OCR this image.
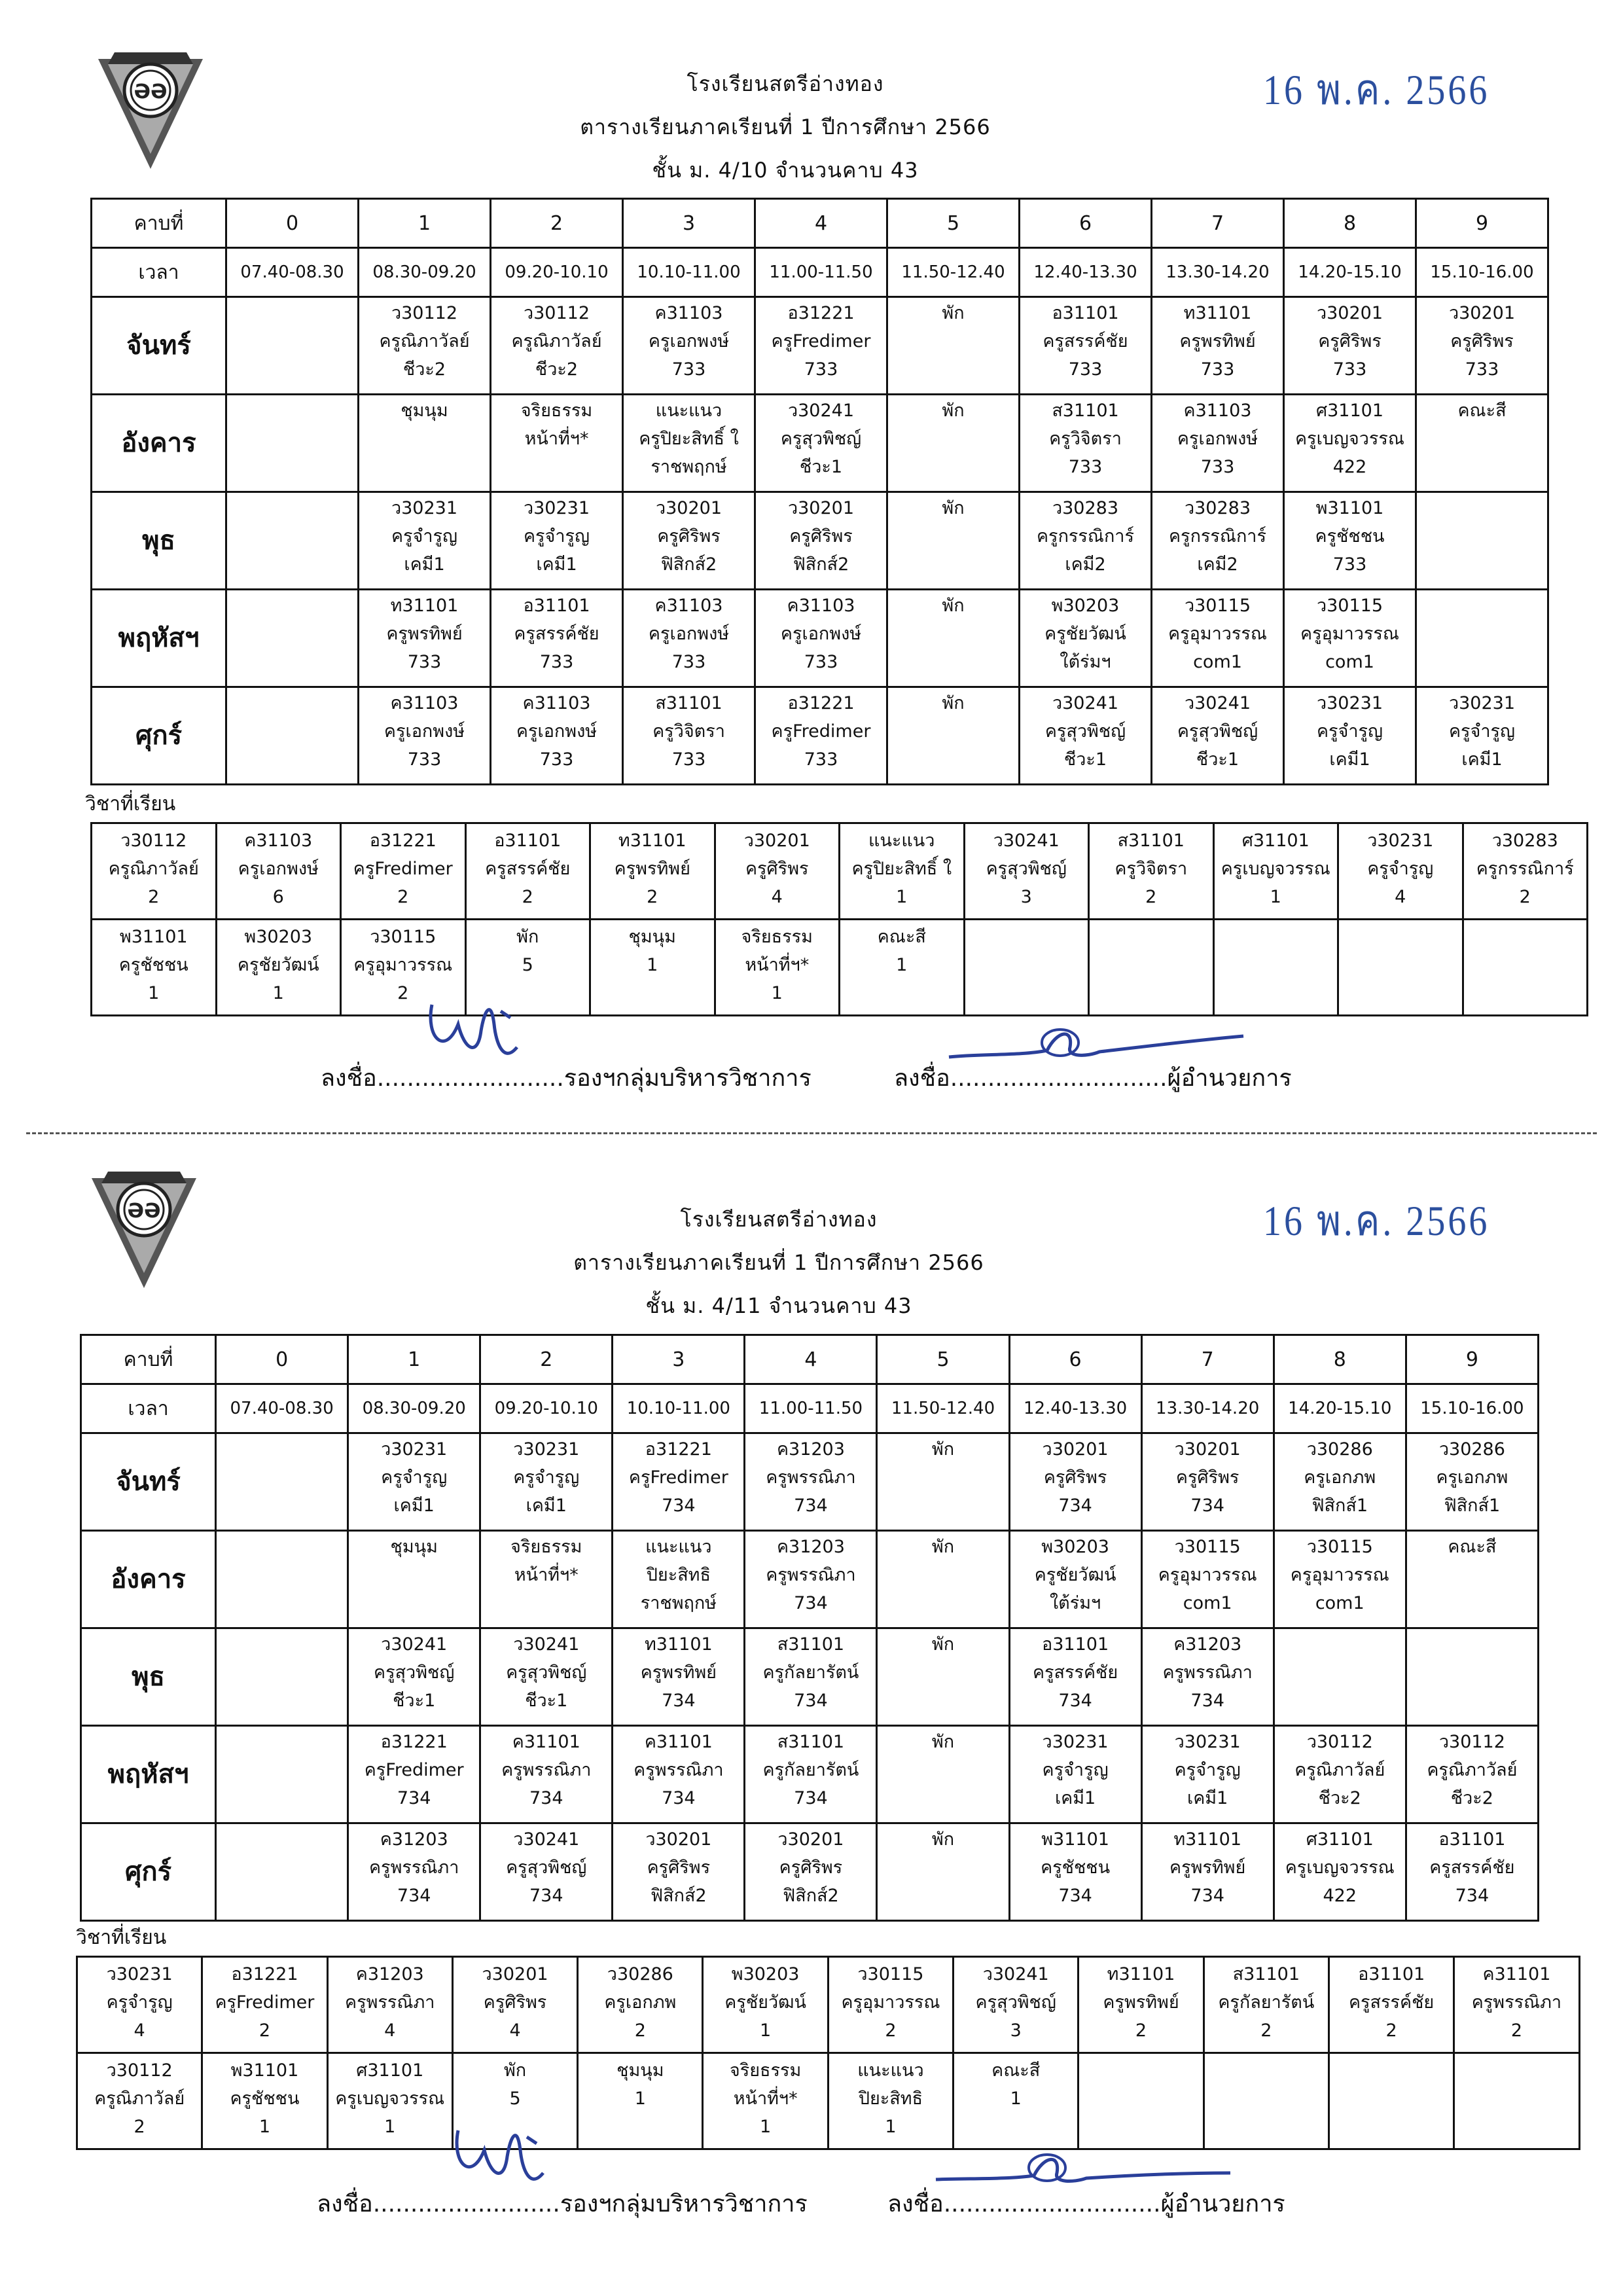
ƏƏ	โรงเรียนสตรีอ่างทอง
ตารางเรียนภาคเรียนที่ 1 ปีการศึกษา 2566
ชั้น ม. 4/10 จำนวนคาบ 43
16 พ.ค. 2566
คาบที่	0	1	2	3	4	5	6	7	8	9
เวลา	07.40-08.30	08.30-09.20	09.20-10.10	10.10-11.00	11.00-11.50	11.50-12.40	12.40-13.30	13.30-14.20	14.20-15.10	15.10-16.00
จันทร์		ว30112
ครูณิภาวัลย์
ชีวะ2	ว30112
ครูณิภาวัลย์
ชีวะ2	ค31103
ครูเอกพงษ์
733	อ31221
ครูFredimer
733	พัก	อ31101
ครูสรรค์ชัย
733	ท31101
ครูพรทิพย์
733	ว30201
ครูศิริพร
733	ว30201
ครูศิริพร
733

อังคาร		ชุมนุม	จริยธรรม
หน้าที่ฯ*	แนะแนว
ครูปิยะสิทธิ์ ใ
ราชพฤกษ์	ว30241
ครูสุวพิชญ์
ชีวะ1	พัก	ส31101
ครูวิจิตรา
733	ค31103
ครูเอกพงษ์
733	ศ31101
ครูเบญจวรรณ
422	คณะสี

พุธ		ว30231
ครูจำรูญ
เคมี1	ว30231
ครูจำรูญ
เคมี1	ว30201
ครูศิริพร
ฟิสิกส์2	ว30201
ครูศิริพร
ฟิสิกส์2	พัก	ว30283
ครูกรรณิการ์
เคมี2	ว30283
ครูกรรณิการ์
เคมี2	พ31101
ครูชัชชน
733	

พฤหัสฯ		ท31101
ครูพรทิพย์
733	อ31101
ครูสรรค์ชัย
733	ค31103
ครูเอกพงษ์
733	ค31103
ครูเอกพงษ์
733	พัก	พ30203
ครูชัยวัฒน์
ใต้ร่มฯ	ว30115
ครูอุมาวรรณ
com1	ว30115
ครูอุมาวรรณ
com1	

ศุกร์		ค31103
ครูเอกพงษ์
733	ค31103
ครูเอกพงษ์
733	ส31101
ครูวิจิตรา
733	อ31221
ครูFredimer
733	พัก	ว30241
ครูสุวพิชญ์
ชีวะ1	ว30241
ครูสุวพิชญ์
ชีวะ1	ว30231
ครูจำรูญ
เคมี1	ว30231
ครูจำรูญ
เคมี1
วิชาที่เรียน
ว30112
ครูณิภาวัลย์
2	ค31103
ครูเอกพงษ์
6	อ31221
ครูFredimer
2	อ31101
ครูสรรค์ชัย
2	ท31101
ครูพรทิพย์
2	ว30201
ครูศิริพร
4	แนะแนว
ครูปิยะสิทธิ์ ใ
1	ว30241
ครูสุวพิชญ์
3	ส31101
ครูวิจิตรา
2	ศ31101
ครูเบญจวรรณ
1	ว30231
ครูจำรูญ
4	ว30283
ครูกรรณิการ์
2

พ31101
ครูชัชชน
1	พ30203
ครูชัยวัฒน์
1	ว30115
ครูอุมาวรรณ
2	พัก
5	ชุมนุม
1	จริยธรรม
หน้าที่ฯ*
1	คณะสี
1					

ลงชื่อ.........................รองฯกลุ่มบริหารวิชาการ	ลงชื่อ.............................ผู้อำนวยการ
ƏƏ	โรงเรียนสตรีอ่างทอง
ตารางเรียนภาคเรียนที่ 1 ปีการศึกษา 2566
ชั้น ม. 4/11 จำนวนคาบ 43
16 พ.ค. 2566
คาบที่	0	1	2	3	4	5	6	7	8	9
เวลา	07.40-08.30	08.30-09.20	09.20-10.10	10.10-11.00	11.00-11.50	11.50-12.40	12.40-13.30	13.30-14.20	14.20-15.10	15.10-16.00
จันทร์		ว30231
ครูจำรูญ
เคมี1	ว30231
ครูจำรูญ
เคมี1	อ31221
ครูFredimer
734	ค31203
ครูพรรณิภา
734	พัก	ว30201
ครูศิริพร
734	ว30201
ครูศิริพร
734	ว30286
ครูเอกภพ
ฟิสิกส์1	ว30286
ครูเอกภพ
ฟิสิกส์1

อังคาร		ชุมนุม	จริยธรรม
หน้าที่ฯ*	แนะแนว
ปิยะสิทธิ
ราชพฤกษ์	ค31203
ครูพรรณิภา
734	พัก	พ30203
ครูชัยวัฒน์
ใต้ร่มฯ	ว30115
ครูอุมาวรรณ
com1	ว30115
ครูอุมาวรรณ
com1	คณะสี

พุธ		ว30241
ครูสุวพิชญ์
ชีวะ1	ว30241
ครูสุวพิชญ์
ชีวะ1	ท31101
ครูพรทิพย์
734	ส31101
ครูกัลยารัตน์
734	พัก	อ31101
ครูสรรค์ชัย
734	ค31203
ครูพรรณิภา
734		

พฤหัสฯ		อ31221
ครูFredimer
734	ค31101
ครูพรรณิภา
734	ค31101
ครูพรรณิภา
734	ส31101
ครูกัลยารัตน์
734	พัก	ว30231
ครูจำรูญ
เคมี1	ว30231
ครูจำรูญ
เคมี1	ว30112
ครูณิภาวัลย์
ชีวะ2	ว30112
ครูณิภาวัลย์
ชีวะ2

ศุกร์		ค31203
ครูพรรณิภา
734	ว30241
ครูสุวพิชญ์
734	ว30201
ครูศิริพร
ฟิสิกส์2	ว30201
ครูศิริพร
ฟิสิกส์2	พัก	พ31101
ครูชัชชน
734	ท31101
ครูพรทิพย์
734	ศ31101
ครูเบญจวรรณ
422	อ31101
ครูสรรค์ชัย
734
วิชาที่เรียน
ว30231
ครูจำรูญ
4	อ31221
ครูFredimer
2	ค31203
ครูพรรณิภา
4	ว30201
ครูศิริพร
4	ว30286
ครูเอกภพ
2	พ30203
ครูชัยวัฒน์
1	ว30115
ครูอุมาวรรณ
2	ว30241
ครูสุวพิชญ์
3	ท31101
ครูพรทิพย์
2	ส31101
ครูกัลยารัตน์
2	อ31101
ครูสรรค์ชัย
2	ค31101
ครูพรรณิภา
2

ว30112
ครูณิภาวัลย์
2	พ31101
ครูชัชชน
1	ศ31101
ครูเบญจวรรณ
1	พัก
5	ชุมนุม
1	จริยธรรม
หน้าที่ฯ*
1	แนะแนว
ปิยะสิทธิ
1	คณะสี
1				

ลงชื่อ.........................รองฯกลุ่มบริหารวิชาการ	ลงชื่อ.............................ผู้อำนวยการ
